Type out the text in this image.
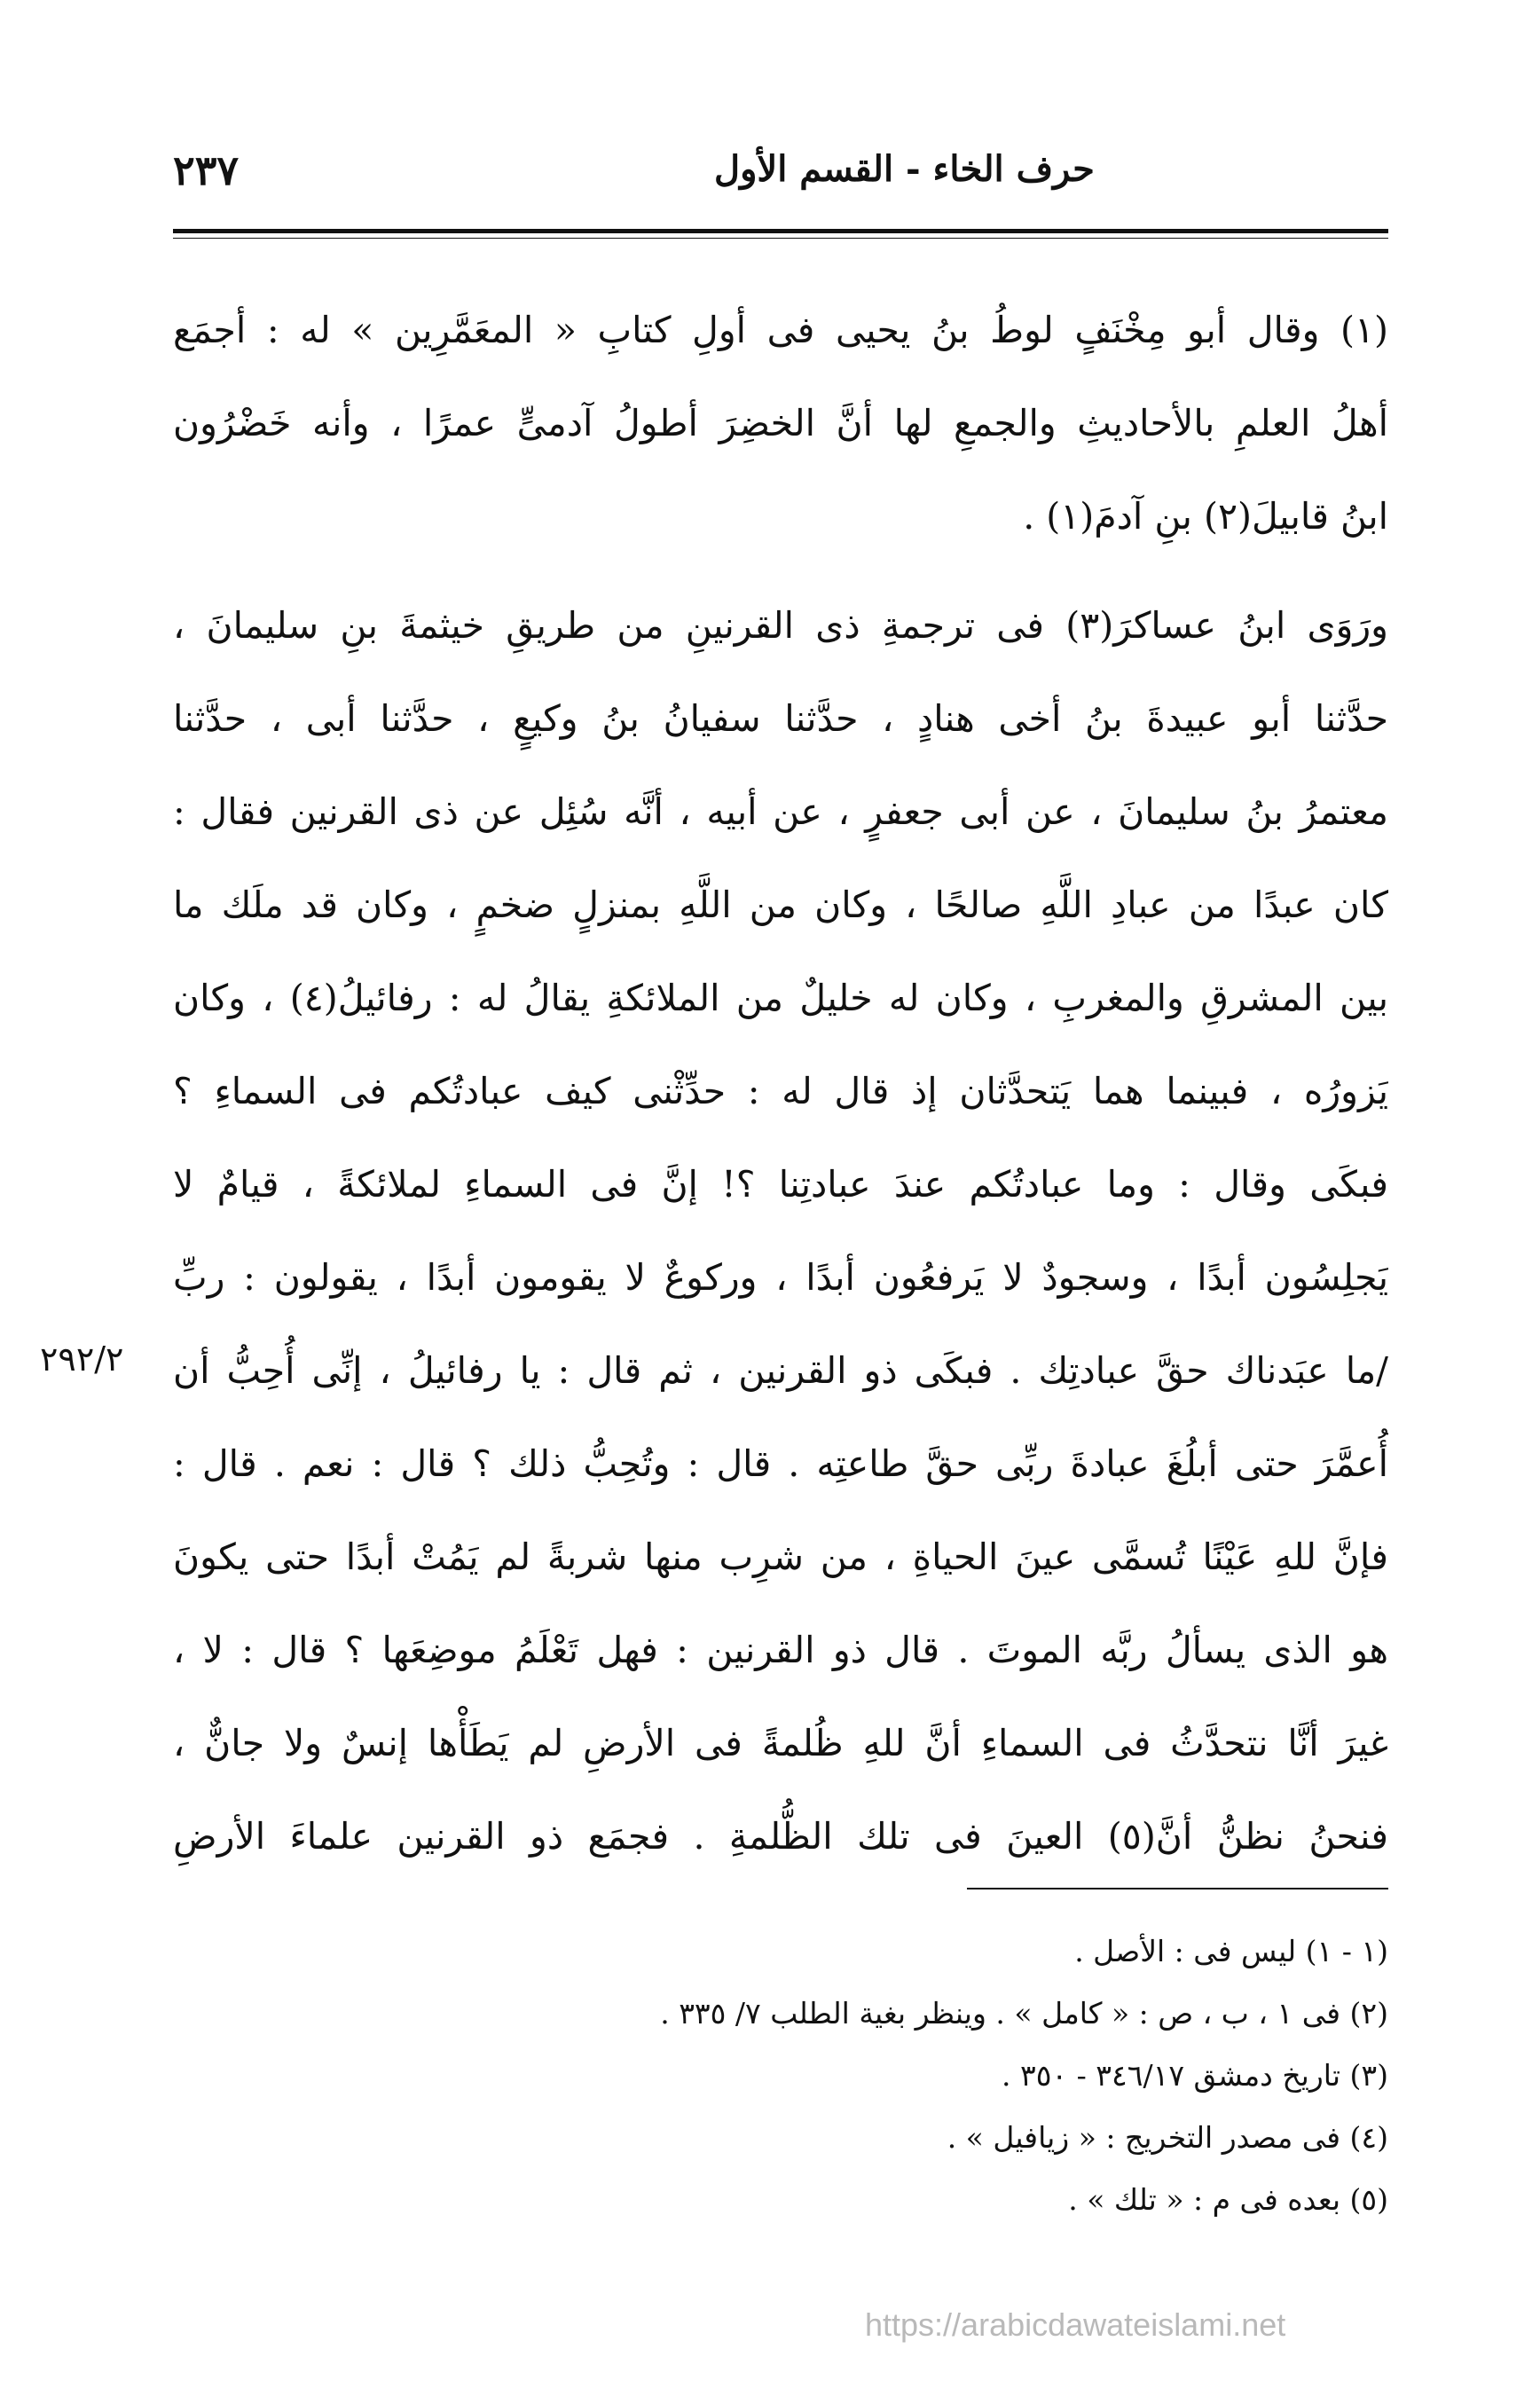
٢٣٧	حرف الخاء - القسم الأول
(١) وقال أبو مِخْنَفٍ لوطُ بنُ يحيى فى أولِ كتابِ « المعَمَّرِين » له : أجمَع
أهلُ العلمِ بالأحاديثِ والجمعِ لها أنَّ الخضِرَ أطولُ آدمىٍّ عمرًا ، وأنه خَضْرُون
ابنُ قابيلَ(٢) بنِ آدمَ(١) .
ورَوَى ابنُ عساكرَ(٣) فى ترجمةِ ذى القرنينِ من طريقِ خيثمةَ بنِ سليمانَ ،
حدَّثنا أبو عبيدةَ بنُ أخى هنادٍ ، حدَّثنا سفيانُ بنُ وكيعٍ ، حدَّثنا أبى ، حدَّثنا
معتمرُ بنُ سليمانَ ، عن أبى جعفرٍ ، عن أبيه ، أنَّه سُئِل عن ذى القرنين فقال :
كان عبدًا من عبادِ اللَّهِ صالحًا ، وكان من اللَّهِ بمنزلٍ ضخمٍ ، وكان قد ملَك ما
بين المشرقِ والمغربِ ، وكان له خليلٌ من الملائكةِ يقالُ له : رفائيلُ(٤) ، وكان
يَزورُه ، فبينما هما يَتحدَّثان إذ قال له : حدِّثْنى كيف عبادتُكم فى السماءِ ؟
فبكَى وقال : وما عبادتُكم عندَ عبادتِنا ؟! إنَّ فى السماءِ لملائكةً ، قيامٌ لا
يَجلِسُون أبدًا ، وسجودٌ لا يَرفعُون أبدًا ، وركوعٌ لا يقومون أبدًا ، يقولون : ربِّ
/ما عبَدناك حقَّ عبادتِك . فبكَى ذو القرنين ، ثم قال : يا رفائيلُ ، إنِّى أُحِبُّ أن
أُعمَّرَ حتى أبلُغَ عبادةَ ربِّى حقَّ طاعتِه . قال : وتُحِبُّ ذلك ؟ قال : نعم . قال :
فإنَّ للهِ عَيْنًا تُسمَّى عينَ الحياةِ ، من شرِب منها شربةً لم يَمُتْ أبدًا حتى يكونَ
هو الذى يسألُ ربَّه الموتَ . قال ذو القرنين : فهل تَعْلَمُ موضِعَها ؟ قال : لا ،
غيرَ أنَّا نتحدَّثُ فى السماءِ أنَّ للهِ ظُلمةً فى الأرضِ لم يَطَأْها إنسٌ ولا جانٌّ ،
فنحنُ نظنُّ أنَّ(٥) العينَ فى تلك الظُّلمةِ . فجمَع ذو القرنين علماءَ الأرضِ
٢٩٢/٢
(١ - ١) ليس فى : الأصل .
(٢) فى ١ ، ب ، ص : « كامل » . وينظر بغية الطلب ٧/ ٣٣٥ .
(٣) تاريخ دمشق ٣٤٦/١٧ - ٣٥٠ .
(٤) فى مصدر التخريج : « زيافيل » .
(٥) بعده فى م : « تلك » .
https://arabicdawateislami.net
